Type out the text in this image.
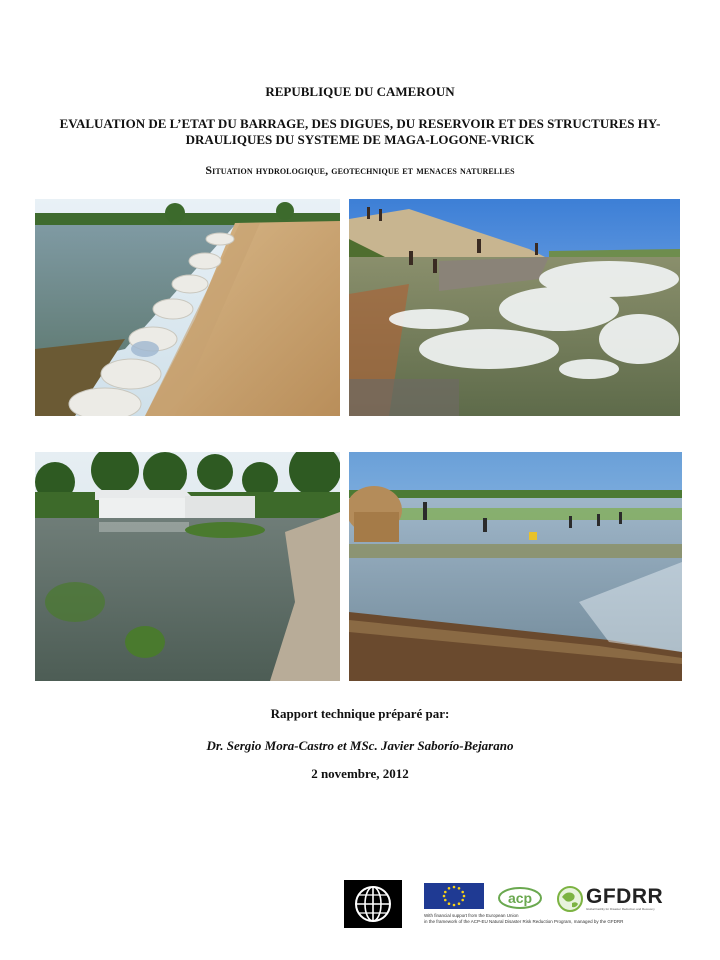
REPUBLIQUE DU CAMEROUN
EVALUATION DE L’ETAT DU BARRAGE, DES DIGUES, DU RESERVOIR ET DES STRUCTURES HY-DRAULIQUES DU SYSTEME DE MAGA-LOGONE-VRICK
Situation hydrologique, geotechnique et menaces naturelles
Rapport technique préparé par:
Dr. Sergio Mora-Castro et MSc. Javier Saborío-Bejarano
2 novembre, 2012
acp	GFDRR
Global Facility for Disaster Reduction and Recovery
With financial support from the European Union
in the framework of the ACP-EU Natural Disaster Risk Reduction Program, managed by the GFDRR
